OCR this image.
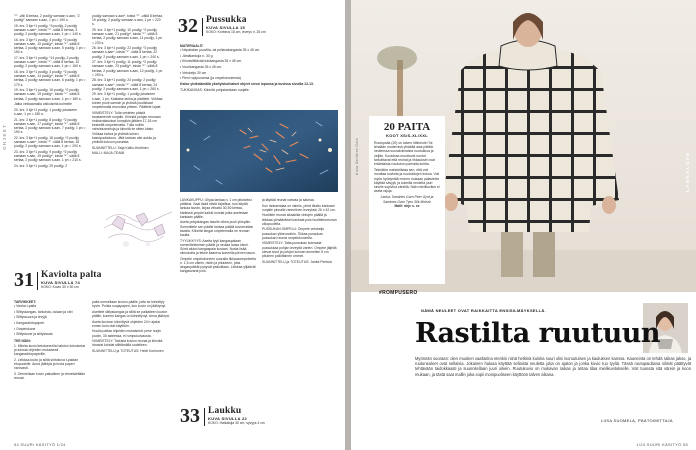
OHJEET

"*" -väli 8 kertaa, 2 puolijy samaan s.aan, "2 puolijy" samaan s.aan, 1 pn = 190 s.

15. krs: 3 kjn+1 puolijy, *3 puolijy, 2 puolijy samaan s.aan*, toista "*" -väliä 8 kertaa, 3 puolijy, 2 puolijy samaan s.aan, 1 pn = 140 s.

16. krs: 3 kjn+1 puolijy, 4 puolijy, *2 puolijy samaan s.aan, 10 puolijy*, toista "*" -väliä 8 kertaa, 2 puolijy samaan s.aan, 5 puolijy, 1 pn = 150 s.

17. krs: 3 kjn+1 puolijy, *14 puolijy, 2 puolijy samaan s.aan*, toista "*" -väliä 8 kertaa, 10 puolijy, 2 puolijy samaan s.aan, 1 pn = 160 s.

18. krs: 3 kjn+1 puolijy, 3 puolijy, *2 puolijy samaan s.aan, 14 puolijy*, toista "*" -väliä 8 kertaa, 2 puolijy samaan s.aan, 6 puolijy, 1 pn = 170 s.

19. krs: 3 kjn+1 puolijy, 16 puolijy, *2 puolijy samaan s.aan, 15 puolijy*, toista "*" -väliä 8 kertaa, 2 puolijy samaan s.aan, 1 pn = 180 s.

Jatka virkkaamalla valkoisella kolmelle

20. krs: 3 kjn+1 puolijy, 1 puolijy jokaiseen s.aan, 1 pn = 180 s.

21. krs: 3 kjn+1 puolijy, 8 puolijy, *2 puolijy samaan s.aan, 17 puolijy*, toista "*" -väliä 8 kertaa, 2 puolijy samaan s.aan, 7 puolijy, 1 pn = 190 s.

22. krs: 3 kjn+1 puolijy, 18 puolijy, *2 puolijy samaan s.aan*, toista "*" -väliä 8 kertaa, 18 puolijy, 2 puolijy samaan s.aan, 1 pn = 200 s.

23. krs: 3 kjn+1 puolijy, 9 puolijy, *2 puolijy samaan s.aan, 19 puolijy*, toista "*" -väliä 8 kertaa, 2 puolijy samaan s.aan, 1 pn = 210 s.

24. krs: 3 kjn+1 puolijy, 29 puolijy, 2

puolijy samaan s.aan*, toista "*" -väliä 8 kertaa, 19 puolijy, 2 puolijy samaan s.aan, 1 pn = 220 s.

25. krs: 3 kjn+1 puolijy, 10 puolijy, *2 puolijy samaan s.aan, 21 puolijy*, toista "*" -väliä 8 kertaa, 2 puolijy samaan s.aan, 11 puolijy, 1 pn = 230 s.

26. krs: 3 kjn+1 puolijy, 22 puolijy, *2 puolijy samaan s.aan*, toista "*" -väliä 8 kertaa, 22 puolijy, 2 puolijy samaan s.aan, 1 pn = 240 s.

27. krs: 3 kjn+1 puolijy, 11 puolijy, *2 puolijy samaan s.aan, 23 puolijy*, toista "*" -väliä 8 kertaa, 2 puolijy samaan s.aan, 12 puolijy, 1 pn = 250 s.

28. krs: 3 kjn+1 puolijy, 24 puolijy, 2 puolijy samaan s.aan*, toista "*" -väliä 8 kertaa, 24 puolijy, 2 puolijy samaan s.aan, 1 pn = 260 s.

29. krs: 3 kjn+1 puolijy, 1 puolijy jokaiseen s.aan, 1 pn. Katkaise lanka ja päättele. Virkkaa toinen puoli samoin ja yhdistä puolikkaat ompelemalla reunoista yhteen. Päättele lojale.

VIIMEISTELY: Tulla cestelen päistä taustamerivit nurjalle. Kiinnitä pohjan reunaan rinkkavalasokori kumpikin jättäen 17-18 cm keskeltä ompelematta. Tulla noihin vahvistusrahoja ja kiinnitä se sitten käsin. Virkkaa kahva ja yhdistä toisen kassipuoliskoon. Jätä kahvan alle aukko ja yhdistä kokoon punaista.

SUUNNITTELU: Taija Kallio-Huhtinen

MALLI: MAJA-TEAMI

32 Pussukka
KUVA SIVULLA 15
KOKO: Korkeus 18 cm, leveys n. 26 cm
MATERIAALIT:

• Nepalakse puuvilla- tai pellavakangasta 35 x 45 cm.

• Jämälankoja n. 30 g.

• Kiinnisilittävää tukikangasta 35 x 45 cm.

• Vuorikangasta 35 x 45 cm.

• Vetoketju 30 cm.

• Pieni rupipunansa (ja ompelukoneesta).

Katso yhdistämällä yksityiskohtaiset ohjeet sivun lopussa ja kuvissa sivuilla 12-13.

TUKIKANGAS: Kiinnitä pohjakankaan nurjalle.

LANKAKUPPU: Ohjaa lankaa n. 1 cm pituiseksi pätkiksi. Saat lisää niistä kirjailtua, kun käytät lankaa tavoin, kirjaa virkattu 30-50 kertaa, kädessä ympäri kaikki kohdat jotka asetetaan kankaan päälle.

Aseta pohjakangas tasolle oikea puoli ylöspäin. Sommittele sen päälle lankaa pätkiä toivomallasi tavalla. Kiinnitä langat ompelemalla ne reunan kautta.

TYYLIKKYYS: Asetta tyyli kangaspalaan sommittelemisen päälle ja neulaa lanka kiinni. Siirrä aluksi kangaspala kuvaan. Nosta lisää silmukoita ja tekee kaareva koneella pienen tason.

Ompele ompelukoneen suoralla tikkausompeleella n. 1,5 cm välein, ristiin ja pituuteen, jotta langanpätkät pysyvät paikoillaan. Leikkaa ylijäävät kangasvarat pois.

ja täyttää reunat vahvaa ja sakeaa.

Kun lankamalaa on valmis, piirrä tikattu kankaan nurjalle pinnalle rannelinen leveyksin 26 x 42 cm.

Huolitele reunat siksakilla virkojen päältä ja leikkaa ylimääräiset kankaat pois huolittelureunan ulkopuolelta.

PUSSUKAN OMPELU: Ompele vetoketju pussukan yläreunoihin. Tikkaa pussukan pussukan reunat ompelukoneella.

VIIMEISTELY: Taita pussukan kulmasta pussukkaa pohjan leveyttä varten. Ompele jäljellä olevat sivut ja pohjan kulmat ommellen 5 cm pituinen poikittainen ommel.

SUUNNITTELU ja TOTEUTUS: Janita Pentula

31 Kaviolta palta
KUVA SIVULLA 74
KOKO: Kuvio 30 x 30 cm
TARVIKKEET:

• Vanha t-paita

• Silityskangas, tarkoista, osiaan ja väri

• Silityssuora ja levyjä

• Kangassiirtopaperi

• Ompelukone

• Silityskone ja silityslauta

TEE NÄIN:

1. Mitoita kuvio tietokoneella halutun kokoiseksi ja tulosta ohjeiden mukaisesti kangassiirtopaperille.

2. Leikkaa kuvio ja silitä siirtokuva t-paidan etupuolelle. Anna jäähtyä ja irrota paperi varovasti.

3. Ommellaan kuvio paikalleen ja viimeistellään reunat.

paita ommellaan kuvion päälle, jotta se kiinnittyy hyvin. Poista suojapaperi, kun kuvio on jäähtynyt.

Asettele silityskangas ja silitä se paikalleen kuvion päälle, kunnes kangas on kiinnittynyt. Anna jäähtyä.

Aseta kuvioon kiinnittyvä ohjeiden 24 h ajaksi ennen kuin otat käyttöön.

Huolla paitaa ohjeiden mukaisesti: pese nurjin puolin, 30 asteessa, ei rumpukuivausta.

VIIMEISTELY: Tarkista kuvion reunat ja kiinnitä irtoavat kohdat silittämällä uudelleen.

SUUNNITTELU ja TOTEUTUS: Heidi Korhonen

33 Laukku
KUVA SIVULLA 22
KOKO: Halkaisija 30 cm, syvyys 4 cm
54 SUURI KÄSITYÖ 1/24
Kuva Sandnes Garn	LANKALOVE
20 PAITA
KOOT XS/S-XL/XXL

Ruutupaita (20) on talven hittineule! Se lehdään modernisti ylhäältä alas pitkillä neuleessa suorakulmaista ruudukkoa ja neljän. Kuvioissa muuttuvat ruudut tarkoittavat että reuhat ja rikkaukset ovat eräänlaisia ruudukon parhaita kohtia.

Tekniikka mahdollistaa sen, että voit muuttaa kuvioita ja ruudukkojen kokoa. Voit myös hyödyntää monen mukaan palautetta käyttää sävyjä, ja kokeilla neuleita juuri sinulle sopivina väreillä. Näin mielikuvitus ei aseta rajoja.

Lanka: Sandnes Garn Peer Gynt ja Sandnes Garn Tynn Silk Mohair

Malli: ohje s. xx

#ROMPUSERO
NÄMÄ NEULEET OVAT RAIKKAITTA ENSISILMÄYKSELLÄ.
Rastilta ruutuun

Myönnän suoraan: olen muotien vaaltarina etenkin niinä hetkinä kuinka suuri olisi isoruutuisen ja kauluksen kanssa. Kauneinta on tehdä raikas jakso, ja ruutuneuleet ovat sellaisia. Jokainen haluaa käyttää sellaista neuletta joka on ajaton ja jonka kuvio tuo tyyliä. Tässä ruutupaidassa silmät päättyvät tehtävään taidokkaasti ja suunnitellaan juuri oikein. Ruutukuvio on mukavan raikas ja antaa tilaa mielikuvitukselle. Voit tuunata sitä värein ja koon mukaan, ja tästä saat mallin joka sopii monipuoliseen käyttöön talven aikana.

LIISA SUOMELA, PÄÄTOIMITTAJA
1/24 SUURI KÄSITYÖ 55
